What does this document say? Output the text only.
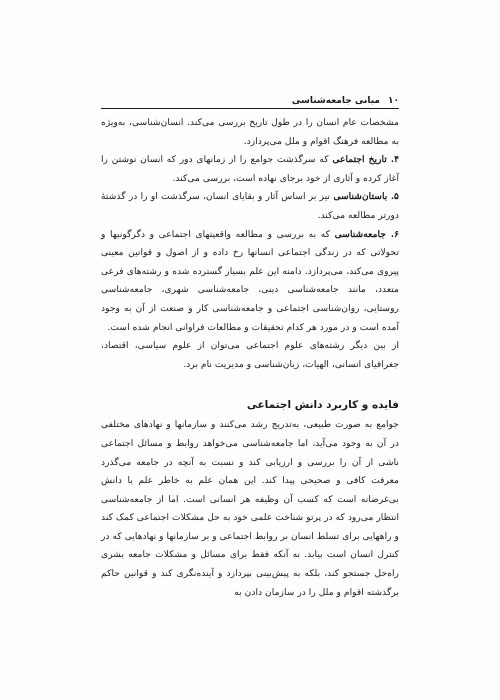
۱۰
مبانی جامعه‌شناسی

مشخصات عام انسان را در طول تاریخ بررسی می‌کند. انسان‌شناسی، به‌ویژه به مطالعه فرهنگ اقوام و ملل می‌پردازد.

۴. تاریخ اجتماعی که سرگذشت جوامع را از زمانهای دور که انسان نوشتن را آغاز کرده و آثاری از خود برجای نهاده است، بررسی می‌کند.

۵. باستان‌شناسی نیز بر اساس آثار و بقایای انسان، سرگذشت او را در گذشتهٔ دورتر مطالعه می‌کند.

۶. جامعه‌شناسی که به بررسی و مطالعه واقعیتهای اجتماعی و دگرگونیها و تحولاتی که در زندگی اجتماعی انسانها رخ داده و از اصول و قوانین معینی پیروی می‌کند، می‌پردازد. دامنه این علم بسیار گسترده شده و رشته‌های فرعی متعدد، مانند جامعه‌شناسی دینی، جامعه‌شناسی شهری، جامعه‌شناسی روستایی، روان‌شناسی اجتماعی و جامعه‌شناسی کار و صنعت از آن به وجود آمده است و در مورد هر کدام تحقیقات و مطالعات فراوانی انجام شده است.

از بین دیگر رشته‌های علوم اجتماعی می‌توان از علوم سیاسی، اقتصاد، جغرافیای انسانی، الهیات، زبان‌شناسی و مدیریت نام برد.

فایده و کاربرد دانش اجتماعی

جوامع به صورت طبیعی، به‌تدریج رشد می‌کنند و سازمانها و نهادهای مختلفی در آن به وجود می‌آید، اما جامعه‌شناسی می‌خواهد روابط و مسائل اجتماعی ناشی از آن را بررسی و ارزیابی کند و نسبت به آنچه در جامعه می‌گذرد معرفت کافی و صحیحی پیدا کند. این همان علم به خاطر علم یا دانش بی‌غرضانه است که کسب آن وظیفه هر انسانی است. اما از جامعه‌شناسی انتظار می‌رود که در پرتو شناخت علمی خود به حل مشکلات اجتماعی کمک کند و راههایی برای تسلط انسان بر روابط اجتماعی و بر سازمانها و نهادهایی که در کنترل انسان است بیابد. نه آنکه فقط برای مسائل و مشکلات جامعه بشری راه‌حل جستجو کند، بلکه به پیش‌بینی بپردازد و آینده‌نگری کند و قوانین حاکم برگذشته اقوام و ملل را در سازمان دادن به
